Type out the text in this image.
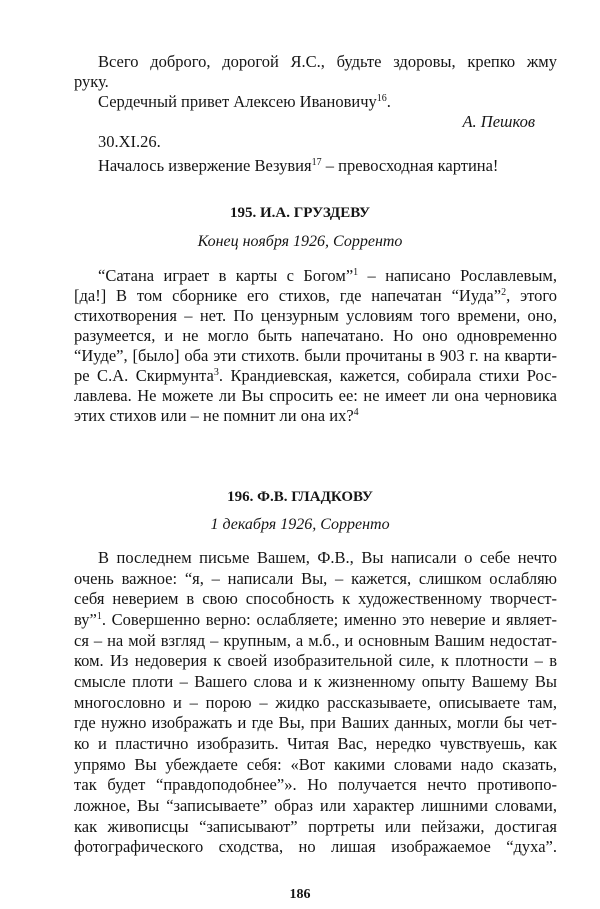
Всего доброго, дорогой Я.С., будьте здоровы, крепко жму
руку.
Сердечный привет Алексею Ивановичу$^{16}$.
А. Пешков
30.XI.26.
Началось извержение Везувия$^{17}$ – превосходная картина!
195. И.А. ГРУЗДЕВУ
Конец ноября 1926, Сорренто
“Сатана играет в карты с Богом”$^1$ – написано Рославлевым,
[да!] В том сборнике его стихов, где напечатан “Иуда”$^2$, этого
стихотворения – нет. По цензурным условиям того времени, оно,
разумеется, и не могло быть напечатано. Но оно одновременно
“Иуде”, [было] оба эти стихотв. были прочитаны в 903 г. на кварти-
ре С.А. Скирмунта$^3$. Крандиевская, кажется, собирала стихи Рос-
лавлева. Не можете ли Вы спросить ее: не имеет ли она черновика
этих стихов или – не помнит ли она их?$^4$
196. Ф.В. ГЛАДКОВУ
1 декабря 1926, Сорренто
В последнем письме Вашем, Ф.В., Вы написали о себе нечто
очень важное: “я, – написали Вы, – кажется, слишком ослабляю
себя неверием в свою способность к художественному творчест-
ву”$^1$. Совершенно верно: ослабляете; именно это неверие и являет-
ся – на мой взгляд – крупным, а м.б., и основным Вашим недостат-
ком. Из недоверия к своей изобразительной силе, к плотности – в
смысле плоти – Вашего слова и к жизненному опыту Вашему Вы
многословно и – порою – жидко рассказываете, описываете там,
где нужно изображать и где Вы, при Ваших данных, могли бы чет-
ко и пластично изобразить. Читая Вас, нередко чувствуешь, как
упрямо Вы убеждаете себя: «Вот какими словами надо сказать,
так будет “правдоподобнее”». Но получается нечто противопо-
ложное, Вы “записываете” образ или характер лишними словами,
как живописцы “записывают” портреты или пейзажи, достигая
фотографического сходства, но лишая изображаемое “духа”.
186
